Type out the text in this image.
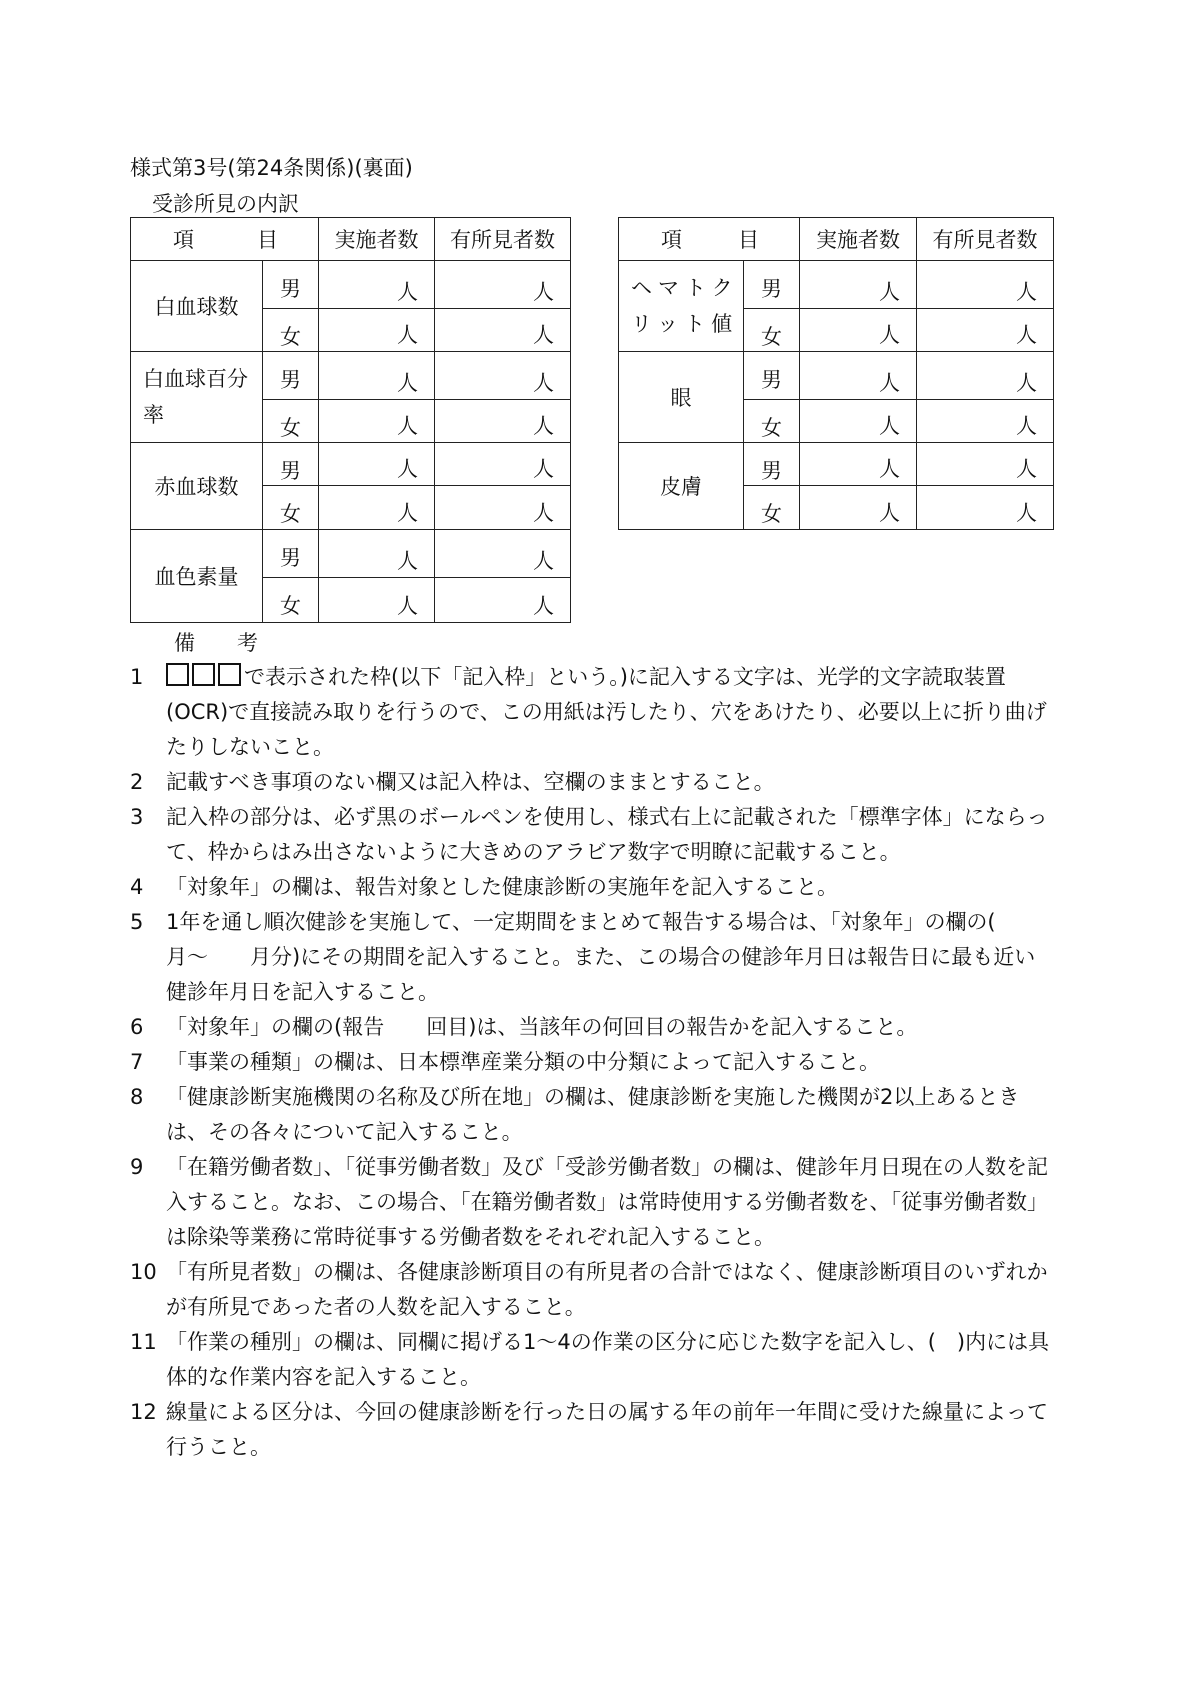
様式第3号(第24条関係)(裏面)
受診所見の内訳
項 目		実施者数	有所見者数
白血球数	男	人	人
	女	人	人

白血球百分率	男	人	人
	女	人	人
赤血球数	男	人	人
	女	人	人
血色素量	男	人	人
	女	人	人
項 目		実施者数	有所見者数

ヘマトクリット値	男	人	人
	女	人	人
眼	男	人	人
	女	人	人
皮膚	男	人	人
	女	人	人
備 考
1	で表示された枠(以下「記入枠」という。)に記入する文字は、光学的文字読取装置(OCR)で直接読み取りを行うので、この用紙は汚したり、穴をあけたり、必要以上に折り曲げたりしないこと。
2	記載すべき事項のない欄又は記入枠は、空欄のままとすること。
3	記入枠の部分は、必ず黒のボールペンを使用し、様式右上に記載された「標準字体」にならって、枠からはみ出さないように大きめのアラビア数字で明瞭に記載すること。
4	「対象年」の欄は、報告対象とした健康診断の実施年を記入すること。
5	1年を通し順次健診を実施して、一定期間をまとめて報告する場合は、「対象年」の欄の(　　月～　　月分)にその期間を記入すること。また、この場合の健診年月日は報告日に最も近い健診年月日を記入すること。
6	「対象年」の欄の(報告　　回目)は、当該年の何回目の報告かを記入すること。
7	「事業の種類」の欄は、日本標準産業分類の中分類によって記入すること。
8	「健康診断実施機関の名称及び所在地」の欄は、健康診断を実施した機関が2以上あるときは、その各々について記入すること。
9	「在籍労働者数」、「従事労働者数」及び「受診労働者数」の欄は、健診年月日現在の人数を記入すること。なお、この場合、「在籍労働者数」は常時使用する労働者数を、「従事労働者数」は除染等業務に常時従事する労働者数をそれぞれ記入すること。
10 「有所見者数」の欄は、各健康診断項目の有所見者の合計ではなく、健康診断項目のいずれかが有所見であった者の人数を記入すること。
11 「作業の種別」の欄は、同欄に掲げる1～4の作業の区分に応じた数字を記入し、(　)内には具体的な作業内容を記入すること。
12 線量による区分は、今回の健康診断を行った日の属する年の前年一年間に受けた線量によって行うこと。
